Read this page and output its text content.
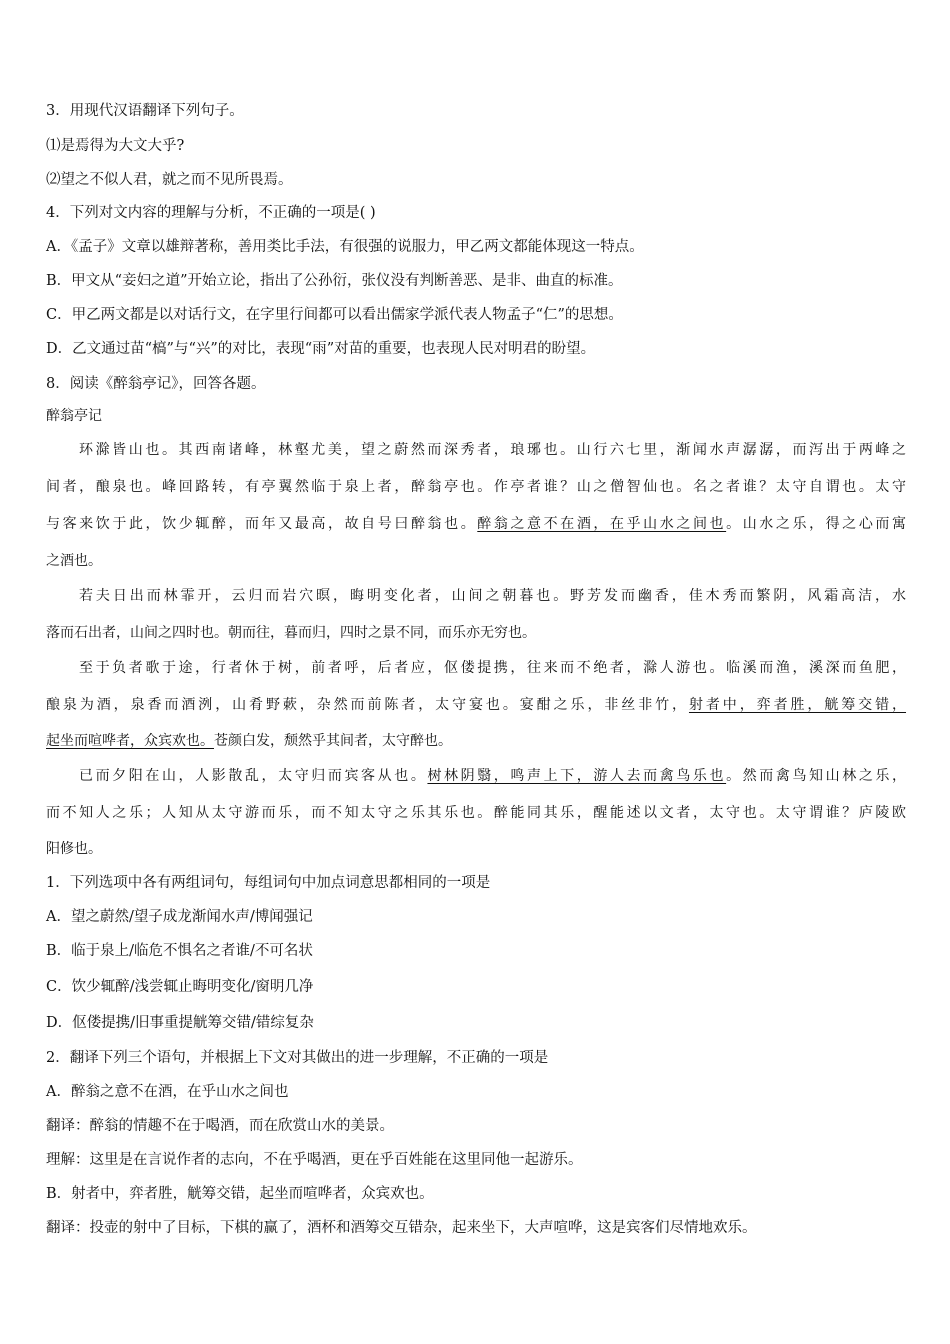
3．用现代汉语翻译下列句子。
⑴是焉得为大文大乎?
⑵望之不似人君，就之而不见所畏焉。
4．下列对文内容的理解与分析，不正确的一项是( )
A．《孟子》文章以雄辩著称，善用类比手法，有很强的说服力，甲乙两文都能体现这一特点。
B．甲文从“妾妇之道”开始立论，指出了公孙衍，张仪没有判断善恶、是非、曲直的标准。
C．甲乙两文都是以对话行文，在字里行间都可以看出儒家学派代表人物孟子“仁”的思想。
D．乙文通过苗“槁”与“兴”的对比，表现“雨”对苗的重要，也表现人民对明君的盼望。
8．阅读《醉翁亭记》，回答各题。
醉翁亭记
环滁皆山也。其西南诸峰，林壑尤美，望之蔚然而深秀者，琅琊也。山行六七里，渐闻水声潺潺，而泻出于两峰之
间者，酿泉也。峰回路转，有亭翼然临于泉上者，醉翁亭也。作亭者谁？山之僧智仙也。名之者谁？太守自谓也。太守
与客来饮于此，饮少辄醉，而年又最高，故自号曰醉翁也。醉翁之意不在酒，在乎山水之间也。山水之乐，得之心而寓
之酒也。
若夫日出而林霏开，云归而岩穴暝，晦明变化者，山间之朝暮也。野芳发而幽香，佳木秀而繁阴，风霜高洁，水
落而石出者，山间之四时也。朝而往，暮而归，四时之景不同，而乐亦无穷也。
至于负者歌于途，行者休于树，前者呼，后者应，伛偻提携，往来而不绝者，滁人游也。临溪而渔，溪深而鱼肥，
酿泉为酒，泉香而酒洌，山肴野蔌，杂然而前陈者，太守宴也。宴酣之乐，非丝非竹，射者中，弈者胜，觥筹交错，
起坐而喧哗者，众宾欢也。苍颜白发，颓然乎其间者，太守醉也。
已而夕阳在山，人影散乱，太守归而宾客从也。树林阴翳，鸣声上下，游人去而禽鸟乐也。然而禽鸟知山林之乐，
而不知人之乐；人知从太守游而乐，而不知太守之乐其乐也。醉能同其乐，醒能述以文者，太守也。太守谓谁？庐陵欧
阳修也。
1．下列选项中各有两组词句，每组词句中加点词意思都相同的一项是
A．望之蔚然/望子成龙渐闻水声/博闻强记
B．临于泉上/临危不惧名之者谁/不可名状
C．饮少辄醉/浅尝辄止晦明变化/窗明几净
D．伛偻提携/旧事重提觥筹交错/错综复杂
2．翻译下列三个语句，并根据上下文对其做出的进一步理解，不正确的一项是
A．醉翁之意不在酒，在乎山水之间也
翻译：醉翁的情趣不在于喝酒，而在欣赏山水的美景。
理解：这里是在言说作者的志向，不在乎喝酒，更在乎百姓能在这里同他一起游乐。
B．射者中，弈者胜，觥筹交错，起坐而喧哗者，众宾欢也。
翻译：投壶的射中了目标，下棋的赢了，酒杯和酒筹交互错杂，起来坐下，大声喧哗，这是宾客们尽情地欢乐。
